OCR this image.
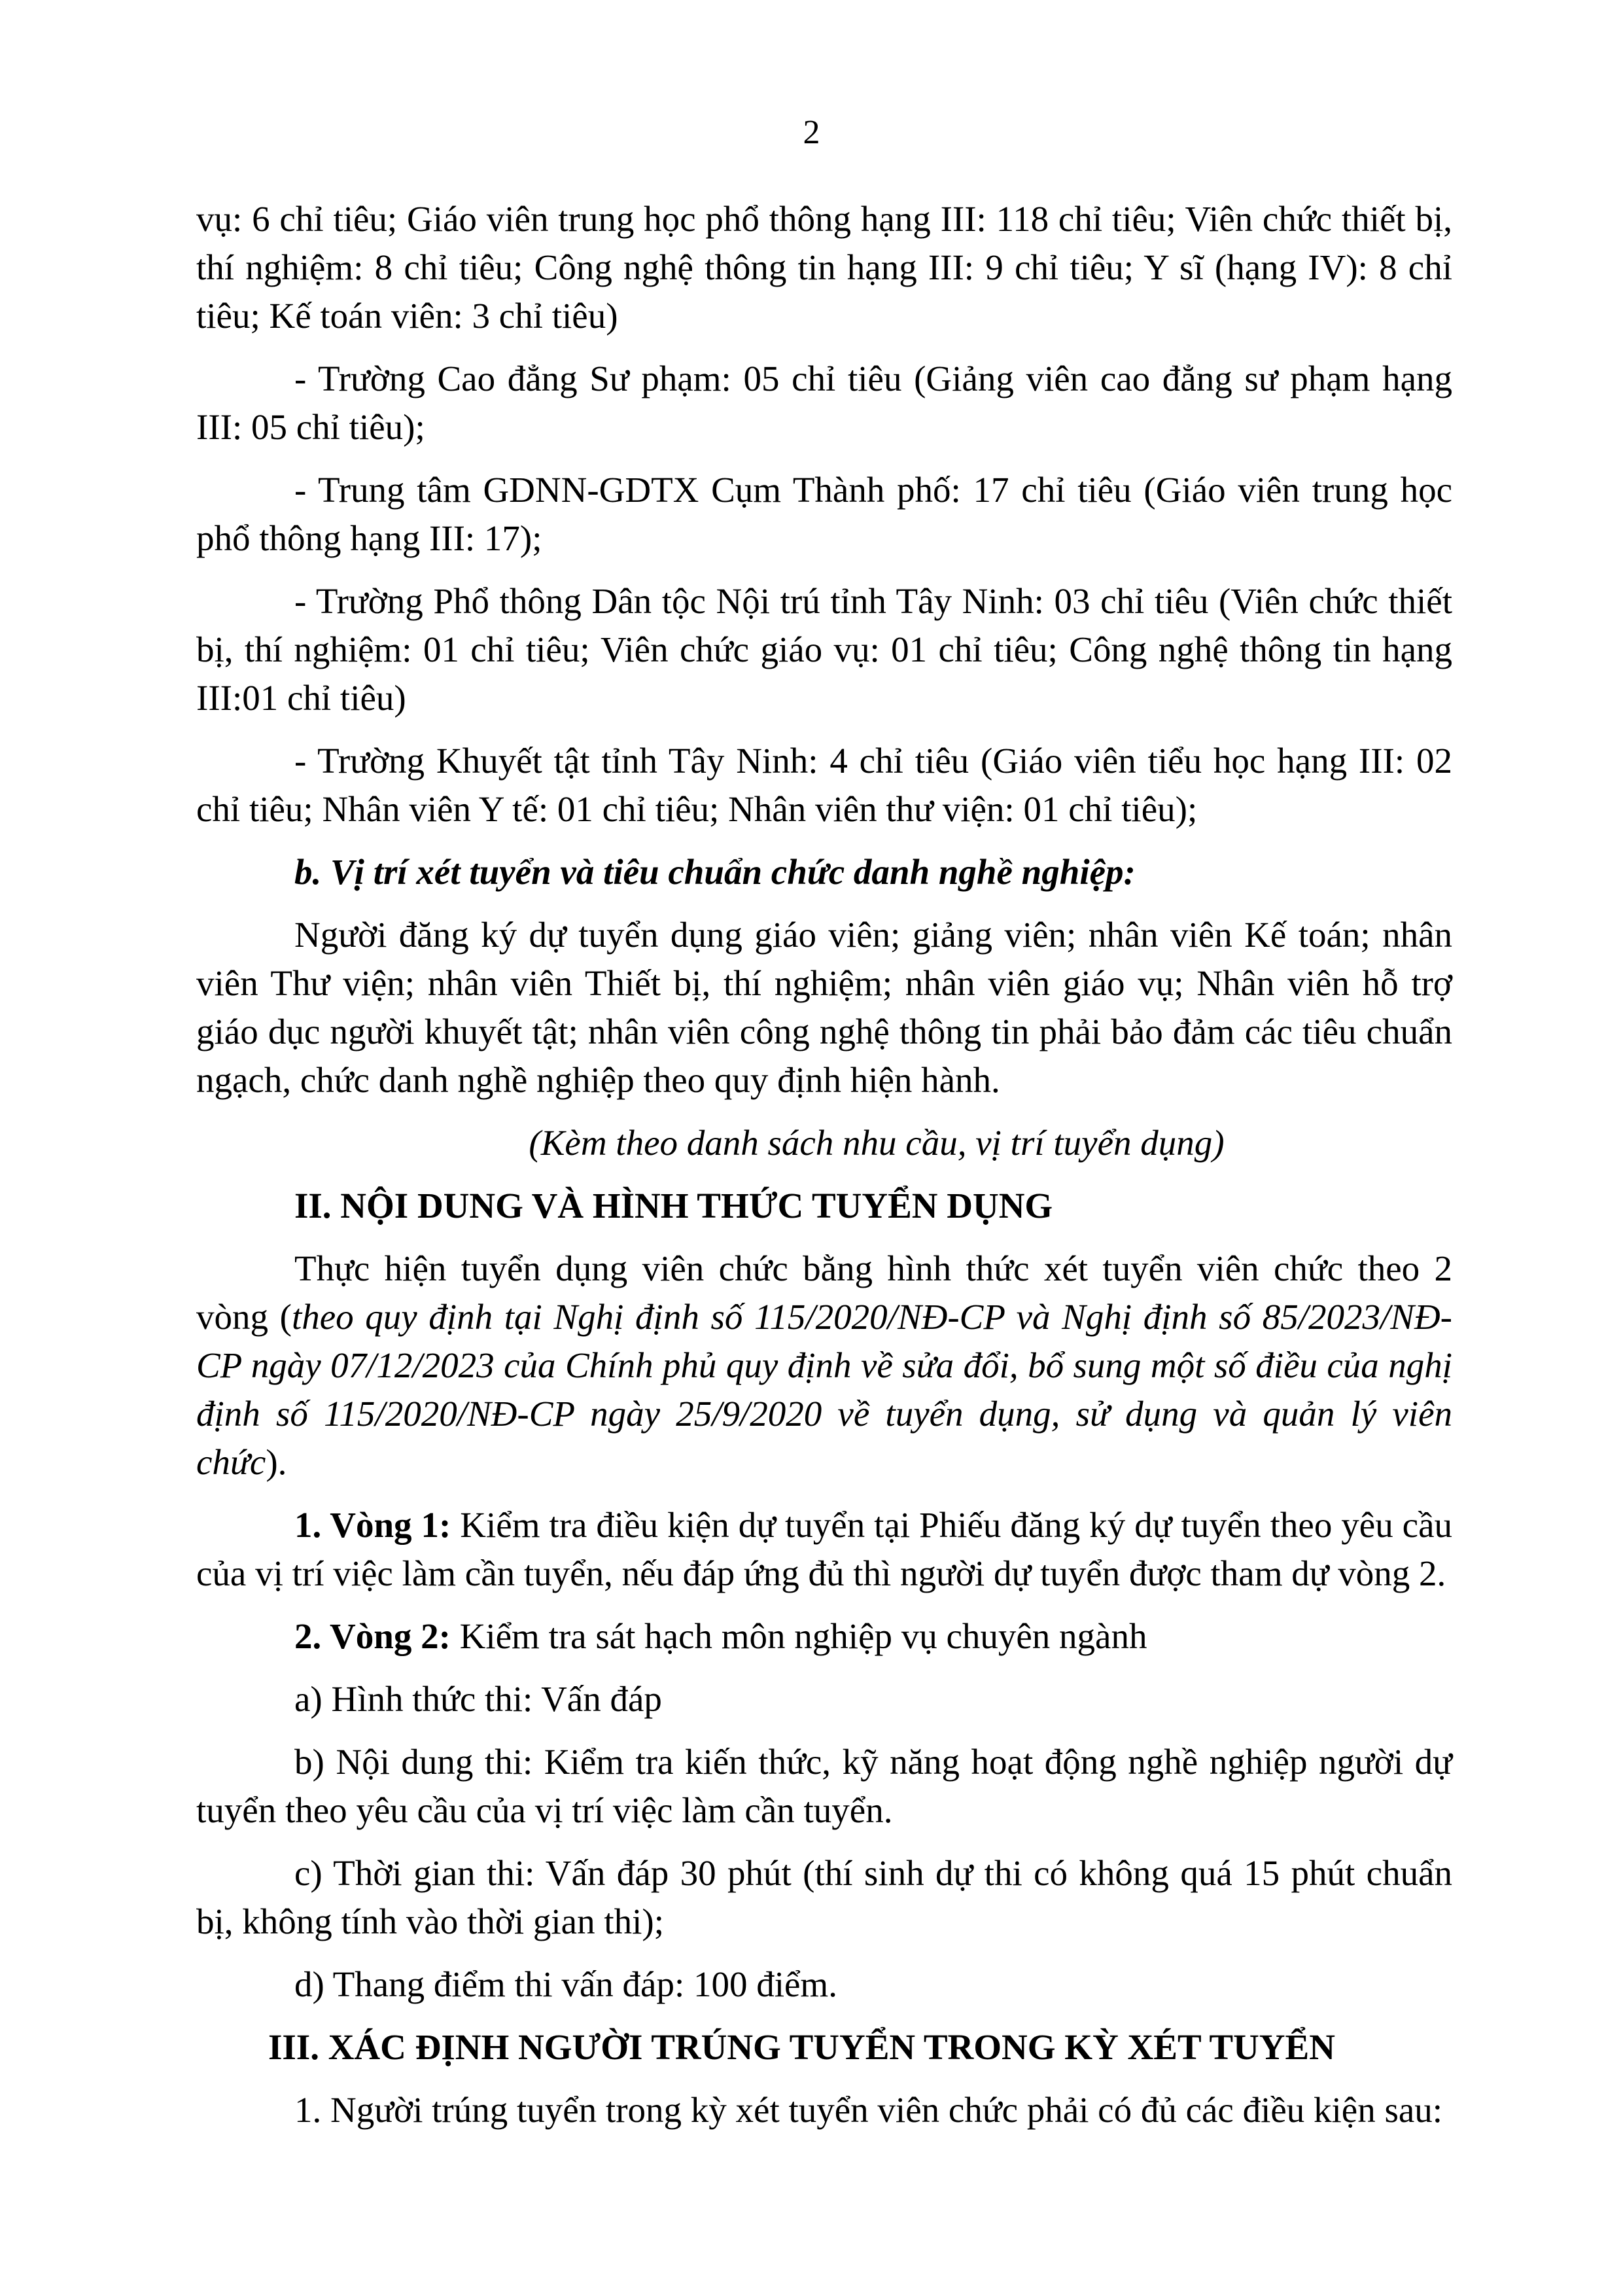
2

vụ: 6 chỉ tiêu; Giáo viên trung học phổ thông hạng III: 118 chỉ tiêu; Viên chức thiết bị, thí nghiệm: 8 chỉ tiêu; Công nghệ thông tin hạng III: 9 chỉ tiêu; Y sĩ (hạng IV): 8 chỉ tiêu; Kế toán viên: 3 chỉ tiêu)

- Trường Cao đẳng Sư phạm: 05 chỉ tiêu (Giảng viên cao đẳng sư phạm hạng III: 05 chỉ tiêu);

- Trung tâm GDNN-GDTX Cụm Thành phố: 17 chỉ tiêu (Giáo viên trung học phổ thông hạng III: 17);

- Trường Phổ thông Dân tộc Nội trú tỉnh Tây Ninh: 03 chỉ tiêu (Viên chức thiết bị, thí nghiệm: 01 chỉ tiêu; Viên chức giáo vụ: 01 chỉ tiêu; Công nghệ thông tin hạng III:01 chỉ tiêu)

- Trường Khuyết tật tỉnh Tây Ninh: 4 chỉ tiêu (Giáo viên tiểu học hạng III: 02 chỉ tiêu; Nhân viên Y tế: 01 chỉ tiêu; Nhân viên thư viện: 01 chỉ tiêu);

b. Vị trí xét tuyển và tiêu chuẩn chức danh nghề nghiệp:

Người đăng ký dự tuyển dụng giáo viên; giảng viên; nhân viên Kế toán; nhân viên Thư viện; nhân viên Thiết bị, thí nghiệm; nhân viên giáo vụ; Nhân viên hỗ trợ giáo dục người khuyết tật; nhân viên công nghệ thông tin phải bảo đảm các tiêu chuẩn ngạch, chức danh nghề nghiệp theo quy định hiện hành.

(Kèm theo danh sách nhu cầu, vị trí tuyển dụng)

II. NỘI DUNG VÀ HÌNH THỨC TUYỂN DỤNG

Thực hiện tuyển dụng viên chức bằng hình thức xét tuyển viên chức theo 2 vòng (theo quy định tại Nghị định số 115/2020/NĐ-CP và Nghị định số 85/2023/NĐ-CP ngày 07/12/2023 của Chính phủ quy định về sửa đổi, bổ sung một số điều của nghị định số 115/2020/NĐ-CP ngày 25/9/2020 về tuyển dụng, sử dụng và quản lý viên chức).

1. Vòng 1: Kiểm tra điều kiện dự tuyển tại Phiếu đăng ký dự tuyển theo yêu cầu của vị trí việc làm cần tuyển, nếu đáp ứng đủ thì người dự tuyển được tham dự vòng 2.

2. Vòng 2: Kiểm tra sát hạch môn nghiệp vụ chuyên ngành

a) Hình thức thi: Vấn đáp

b) Nội dung thi: Kiểm tra kiến thức, kỹ năng hoạt động nghề nghiệp người dự tuyển theo yêu cầu của vị trí việc làm cần tuyển.

c) Thời gian thi: Vấn đáp 30 phút (thí sinh dự thi có không quá 15 phút chuẩn bị, không tính vào thời gian thi);

d) Thang điểm thi vấn đáp: 100 điểm.

III. XÁC ĐỊNH NGƯỜI TRÚNG TUYỂN TRONG KỲ XÉT TUYỂN

1. Người trúng tuyển trong kỳ xét tuyển viên chức phải có đủ các điều kiện sau:
